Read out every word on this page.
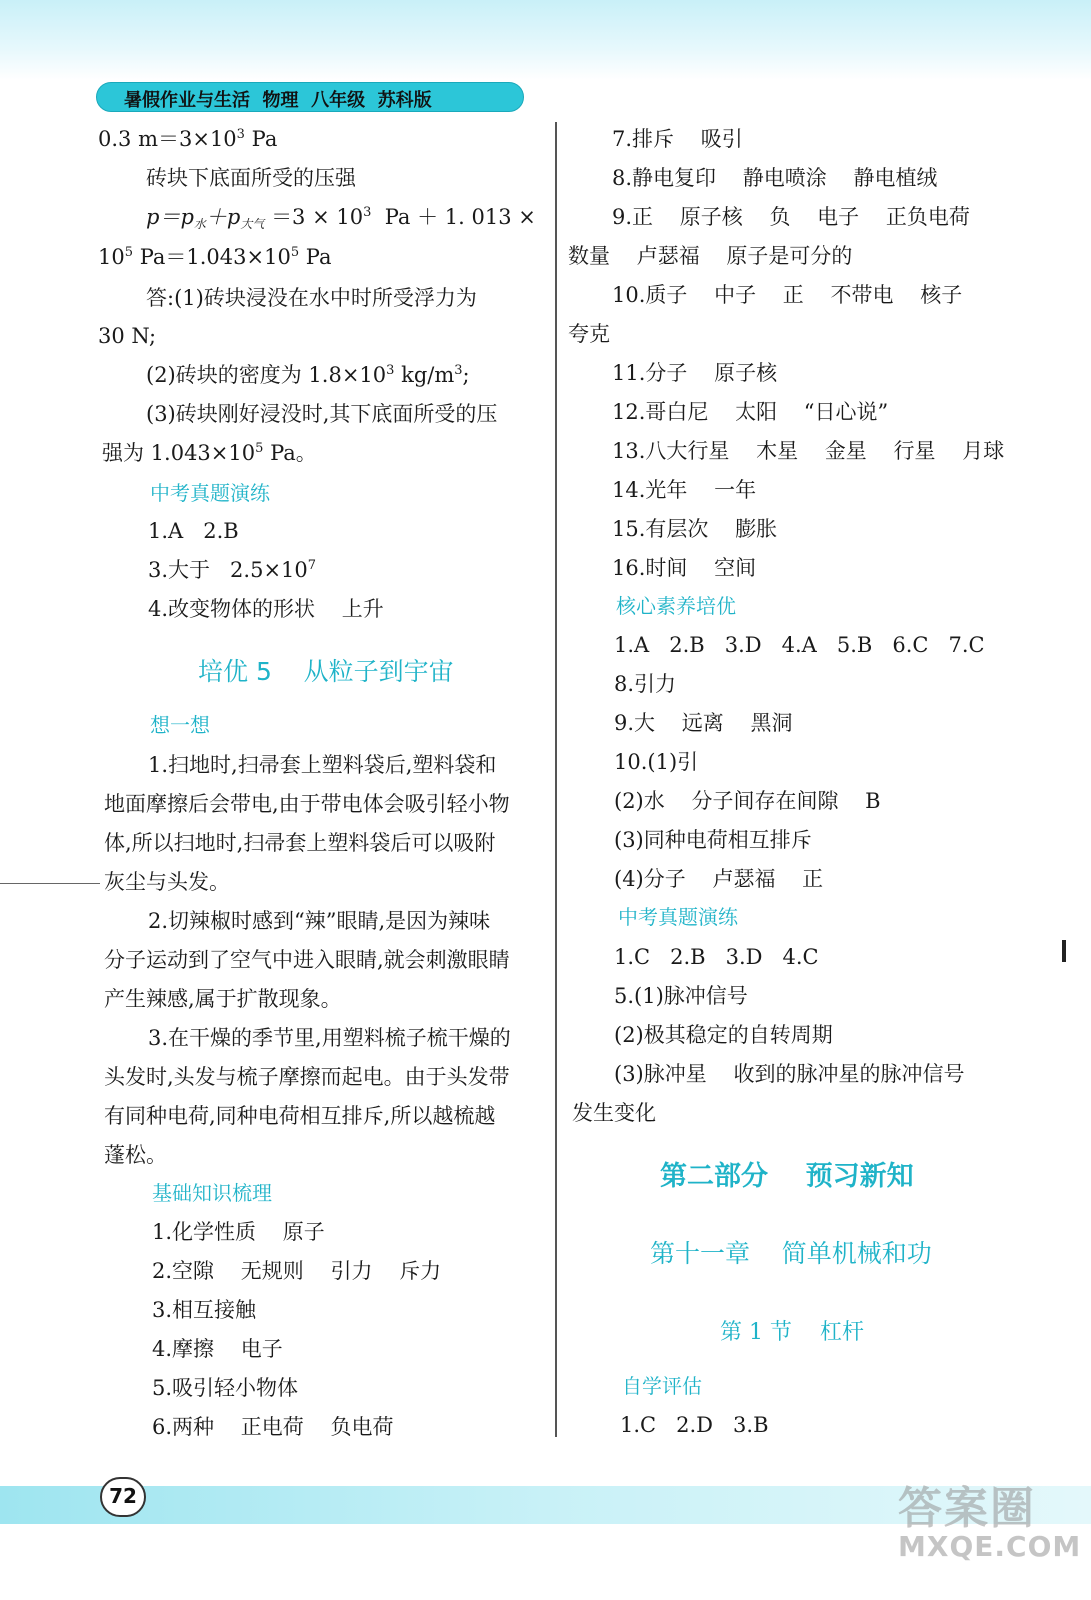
暑假作业与生活  物理  八年级  苏科版
0.3 $m=3\times 10^3$ Pa
砖块下底面所受的压强
$p=p_水+p_{大气} =3 \times 10^3$  Pa ＋ 1. 013 ×
$10^5$ $Pa=1.043\times 10^5$ Pa
答:(1)砖块浸没在水中时所受浮力为
30 N;
(2)砖块的密度为 $1.8\times 10^3$ $kg/m^3$;
(3)砖块刚好浸没时,其下底面所受的压
强为 $1.043\times 10^5$ Pa。
中考真题演练
1.A   2.B
3.大于   $2.5\times 10^7$
4.改变物体的形状    上升
培优 5    从粒子到宇宙
想一想
1.扫地时,扫帚套上塑料袋后,塑料袋和
地面摩擦后会带电,由于带电体会吸引轻小物
体,所以扫地时,扫帚套上塑料袋后可以吸附
灰尘与头发。
2.切辣椒时感到“辣”眼睛,是因为辣味
分子运动到了空气中进入眼睛,就会刺激眼睛
产生辣感,属于扩散现象。
3.在干燥的季节里,用塑料梳子梳干燥的
头发时,头发与梳子摩擦而起电。由于头发带
有同种电荷,同种电荷相互排斥,所以越梳越
蓬松。
基础知识梳理
1.化学性质    原子
2.空隙    无规则    引力    斥力
3.相互接触
4.摩擦    电子
5.吸引轻小物体
6.两种    正电荷    负电荷
7.排斥    吸引
8.静电复印    静电喷涂    静电植绒
9.正    原子核    负    电子    正负电荷
数量    卢瑟福    原子是可分的
10.质子    中子    正    不带电    核子
夸克
11.分子    原子核
12.哥白尼    太阳    “日心说”
13.八大行星    木星    金星    行星    月球
14.光年    一年
15.有层次    膨胀
16.时间    空间
核心素养培优
1.A   2.B   3.D   4.A   5.B   6.C   7.C
8.引力
9.大    远离    黑洞
10.(1)引
(2)水    分子间存在间隙    B
(3)同种电荷相互排斥
(4)分子    卢瑟福    正
中考真题演练
1.C   2.B   3.D   4.C
5.(1)脉冲信号
(2)极其稳定的自转周期
(3)脉冲星    收到的脉冲星的脉冲信号
发生变化
第二部分    预习新知
第十一章    简单机械和功
第 1 节    杠杆
自学评估
1.C   2.D   3.B
72	答案圈
MXQE.COM
